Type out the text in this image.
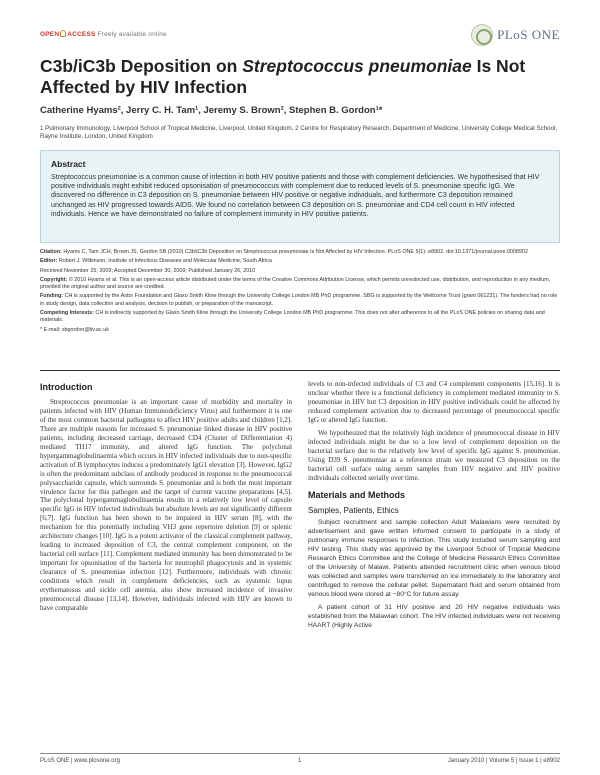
OPEN ACCESS Freely available online	PLoS ONE
C3b/iC3b Deposition on Streptococcus pneumoniae Is Not Affected by HIV Infection
Catherine Hyams², Jerry C. H. Tam¹, Jeremy S. Brown², Stephen B. Gordon¹*
1 Pulmonary Immunology, Liverpool School of Tropical Medicine, Liverpool, United Kingdom, 2 Centre for Respiratory Research, Department of Medicine, University College Medical School, Rayne Institute, London, United Kingdom
Abstract
Streptococcus pneumoniae is a common cause of infection in both HIV positive patients and those with complement deficiencies. We hypothesised that HIV positive individuals might exhibit reduced opsonisation of pneumococcus with complement due to reduced levels of S. pneumoniae specific IgG. We discovered no difference in C3 deposition on S. pneumoniae between HIV positive or negative individuals, and furthermore C3 deposition remained unchanged as HIV progressed towards AIDS. We found no correlation between C3 deposition on S. pneumoniae and CD4 cell count in HIV infected individuals. Hence we have demonstrated no failure of complement immunity in HIV positive patients.

Citation: Hyams C, Tam JCH, Brown JS, Gordon SB (2010) C3b/iC3b Deposition on Streptococcus pneumoniae Is Not Affected by HIV Infection. PLoS ONE 5(1): e8902. doi:10.1371/journal.pone.0008902

Editor: Robert J. Wilkinson, Institute of Infectious Diseases and Molecular Medicine, South Africa

Received November 25, 2009; Accepted December 30, 2009; Published January 26, 2010

Copyright: © 2010 Hyams et al. This is an open-access article distributed under the terms of the Creative Commons Attribution License, which permits unrestricted use, distribution, and reproduction in any medium, provided the original author and source are credited.

Funding: CH is supported by the Astor Foundation and Glaxo Smith Kline through the University College London MB PhD programme. SBG is supported by the Wellcome Trust (grant 061231). The funders had no role in study design, data collection and analysis, decision to publish, or preparation of the manuscript.

Competing Interests: CH is indirectly supported by Glaxo Smith Kline through the University College London MB PhD programme. This does not alter adherence to all the PLoS ONE policies on sharing data and materials.

* E-mail: sbgordon@liv.ac.uk

Introduction

Streptococcus pneumoniae is an important cause of morbidity and mortality in patients infected with HIV (Human Immunodeficiency Virus) and furthermore it is one of the most common bacterial pathogens to affect HIV positive adults and children [1,2]. There are multiple reasons for increased S. pneumoniae linked disease in HIV positive patients, including decreased carriage, decreased CD4 (Cluster of Differentiation 4) mediated TH17 immunity, and altered IgG function. The polyclonal hypergammaglobulinaemia which occurs in HIV infected individuals due to non-specific activation of B lymphocytes induces a predominately IgG1 elevation [3]. However, IgG2 is often the predominant subclass of antibody produced in response to the pneumococcal polysaccharide capsule, which surrounds S. pneumoniae and is both the most important virulence factor for this pathogen and the target of current vaccine preparations [4,5]. The polyclonal hypergammaglobulinaemia results in a relatively low level of capsule specific IgG in HIV infected individuals but absolute levels are not significantly different [6,7]. IgG function has been shown to be impaired in HIV serum [8], with the mechanism for this potentially including VH3 gene repertoire deletion [9] or splenic architecture changes [10]. IgG is a potent activator of the classical complement pathway, leading to increased deposition of C3, the central complement component, on the bacterial cell surface [11]. Complement mediated immunity has been demonstrated to be important for opsonisation of the bacteria for neutrophil phagocytosis and in systemic clearance of S. pneumoniae infection [12]. Furthermore, individuals with chronic conditions which result in complement deficiencies, such as systemic lupus erythematosus and sickle cell anemia, also show increased incidence of invasive pneumococcal disease [13,14]. However, individuals infected with HIV are known to have comparable

levels to non-infected individuals of C3 and C4 complement components [15,16]. It is unclear whether there is a functional deficiency in complement mediated immunity to S. pneumoniae in HIV but C3 deposition in HIV positive individuals could be affected by reduced complement activation due to decreased percentage of pneumococcal specific IgG or altered IgG function.

We hypothesized that the relatively high incidence of pneumococcal disease in HIV infected individuals might be due to a low level of complement deposition on the bacterial surface due to the relatively low level of specific IgG against S. pneumoniae. Using D39 S. pneumoniae as a reference strain we measured C3 deposition on the bacterial cell surface using serum samples from HIV negative and HIV positive individuals collected serially over time.

Materials and Methods
Samples, Patients, Ethics

Subject recruitment and sample collection Adult Malawians were recruited by advertisement and gave written informed consent to participate in a study of pulmonary immune responses to infection. This study included serum sampling and HIV testing. This study was approved by the Liverpool School of Tropical Medicine Research Ethics Committee and the College of Medicine Research Ethics Committee of the University of Malawi. Patients attended recruitment clinic when venous blood was collected and samples were transferred on ice immediately to the laboratory and centrifuged to remove the cellular pellet. Supernatant fluid and serum obtained from venous blood were stored at −80°C for future assay.

A patient cohort of 31 HIV positive and 20 HIV negative individuals was established from the Malawian cohort. The HIV infected individuals were not receiving HAART (Highly Active

PLoS ONE | www.plosone.org	1	January 2010 | Volume 5 | Issue 1 | e8902
